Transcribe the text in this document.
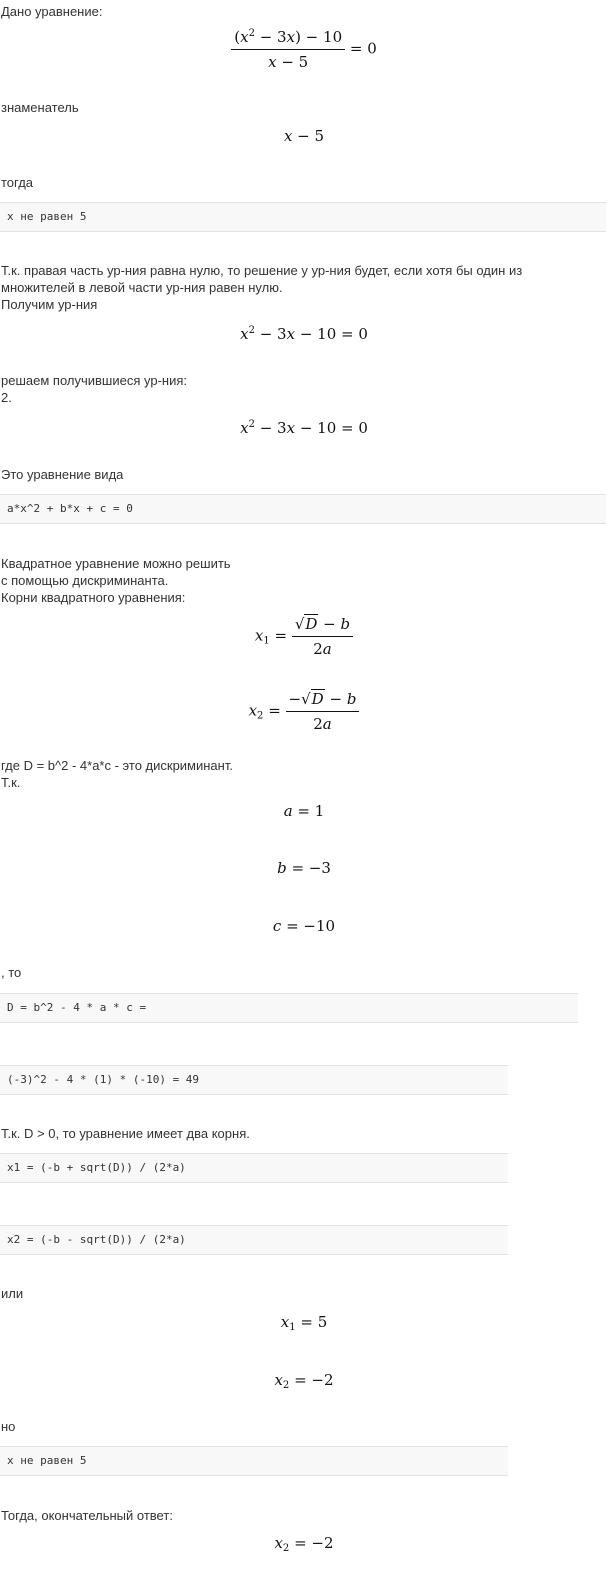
Дано уравнение:

$\frac{(x^2 - 3x) - 10}{x - 5} = 0$

знаменатель

x − 5

тогда

x не равен 5

Т.к. правая часть ур-ния равна нулю, то решение у ур-ния будет, если хотя бы один из

множителей в левой части ур-ния равен нулю.

Получим ур-ния

$x^2 - 3x - 10 = 0$

решаем получившиеся ур-ния:

2.

$x^2 - 3x - 10 = 0$

Это уравнение вида

a*x^2 + b*x + c = 0

Квадратное уравнение можно решить

с помощью дискриминанта.

Корни квадратного уравнения:

$x_1 = \frac{√D - b}{2a}$
$x_2 = \frac{-√D - b}{2a}$

где D = b^2 - 4*a*c - это дискриминант.

Т.к.

a = 1
b = −3
c = −10

, то

D = b^2 - 4 * a * c =
(-3)^2 - 4 * (1) * (-10) = 49

Т.к. D > 0, то уравнение имеет два корня.

x1 = (-b + sqrt(D)) / (2*a)
x2 = (-b - sqrt(D)) / (2*a)

или

$x_1 = 5$
$x_2 = -2$

но

x не равен 5

Тогда, окончательный ответ:

$x_2 = -2$
